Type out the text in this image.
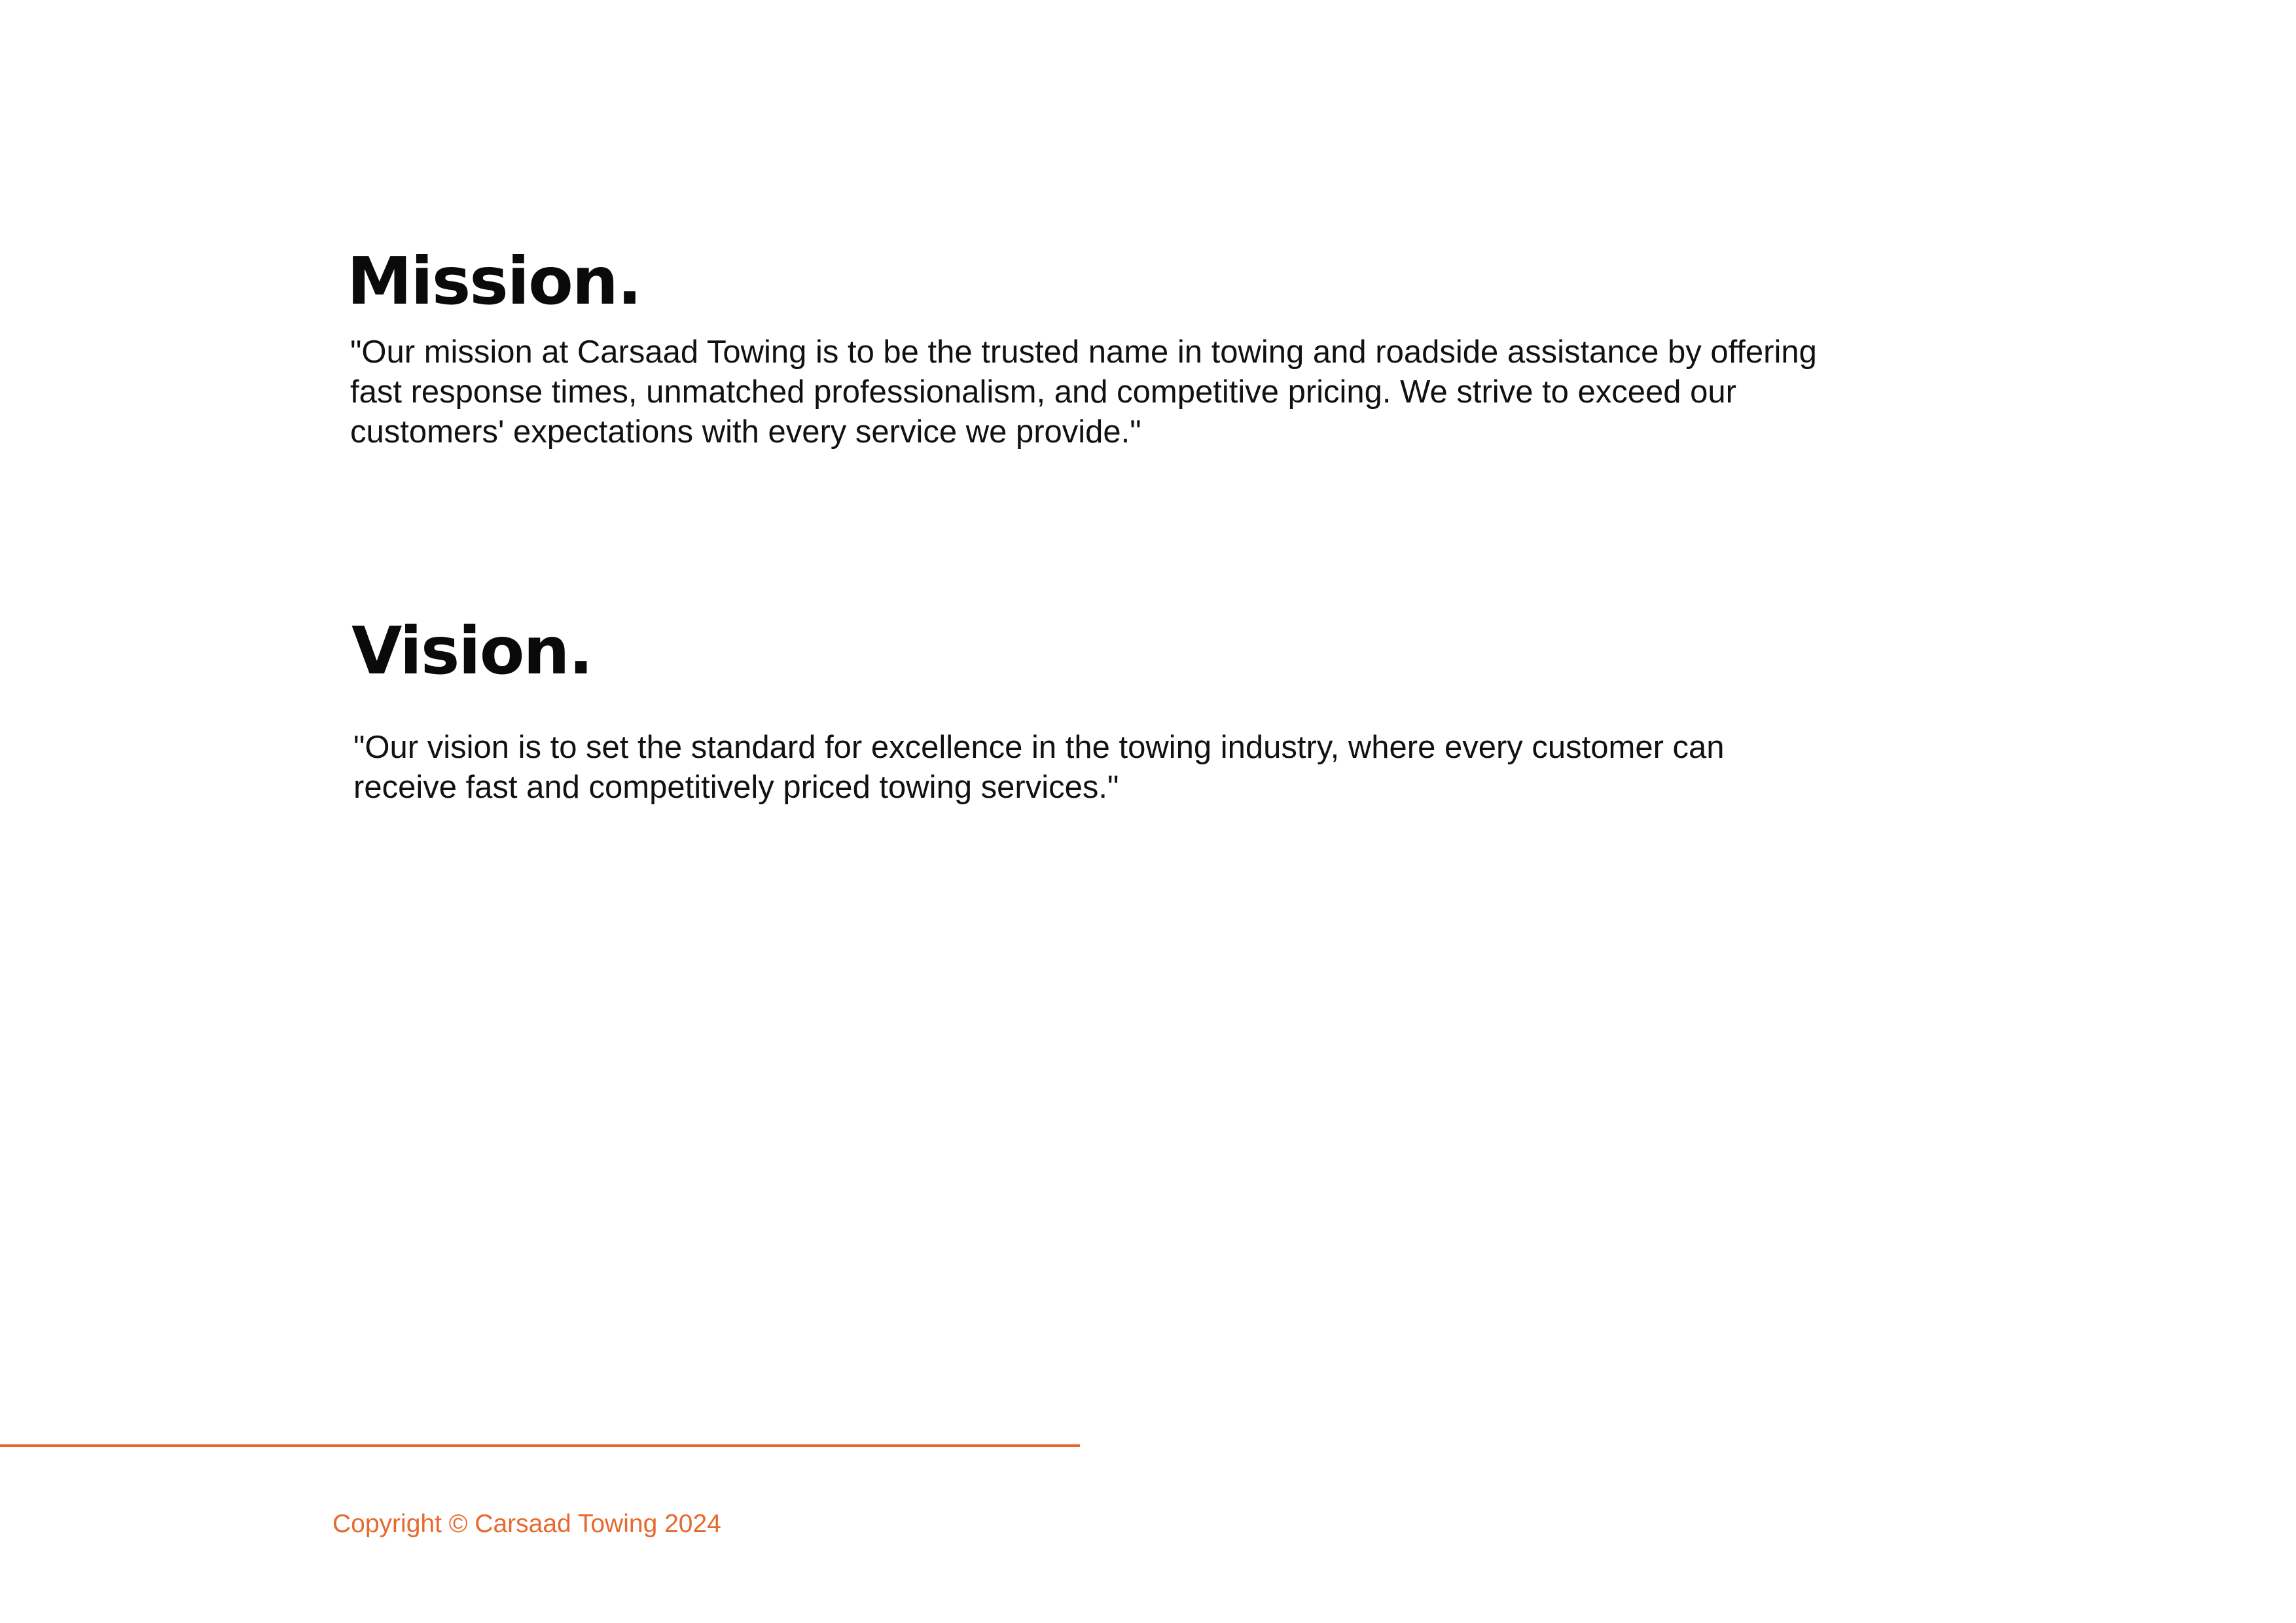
Mission.

"Our mission at Carsaad Towing is to be the trusted name in towing and roadside assistance by offering fast response times, unmatched professionalism, and competitive pricing. We strive to exceed our customers' expectations with every service we provide."

Vision.

"Our vision is to set the standard for excellence in the towing industry, where every customer can receive fast and competitively priced towing services."

Copyright © Carsaad Towing 2024
